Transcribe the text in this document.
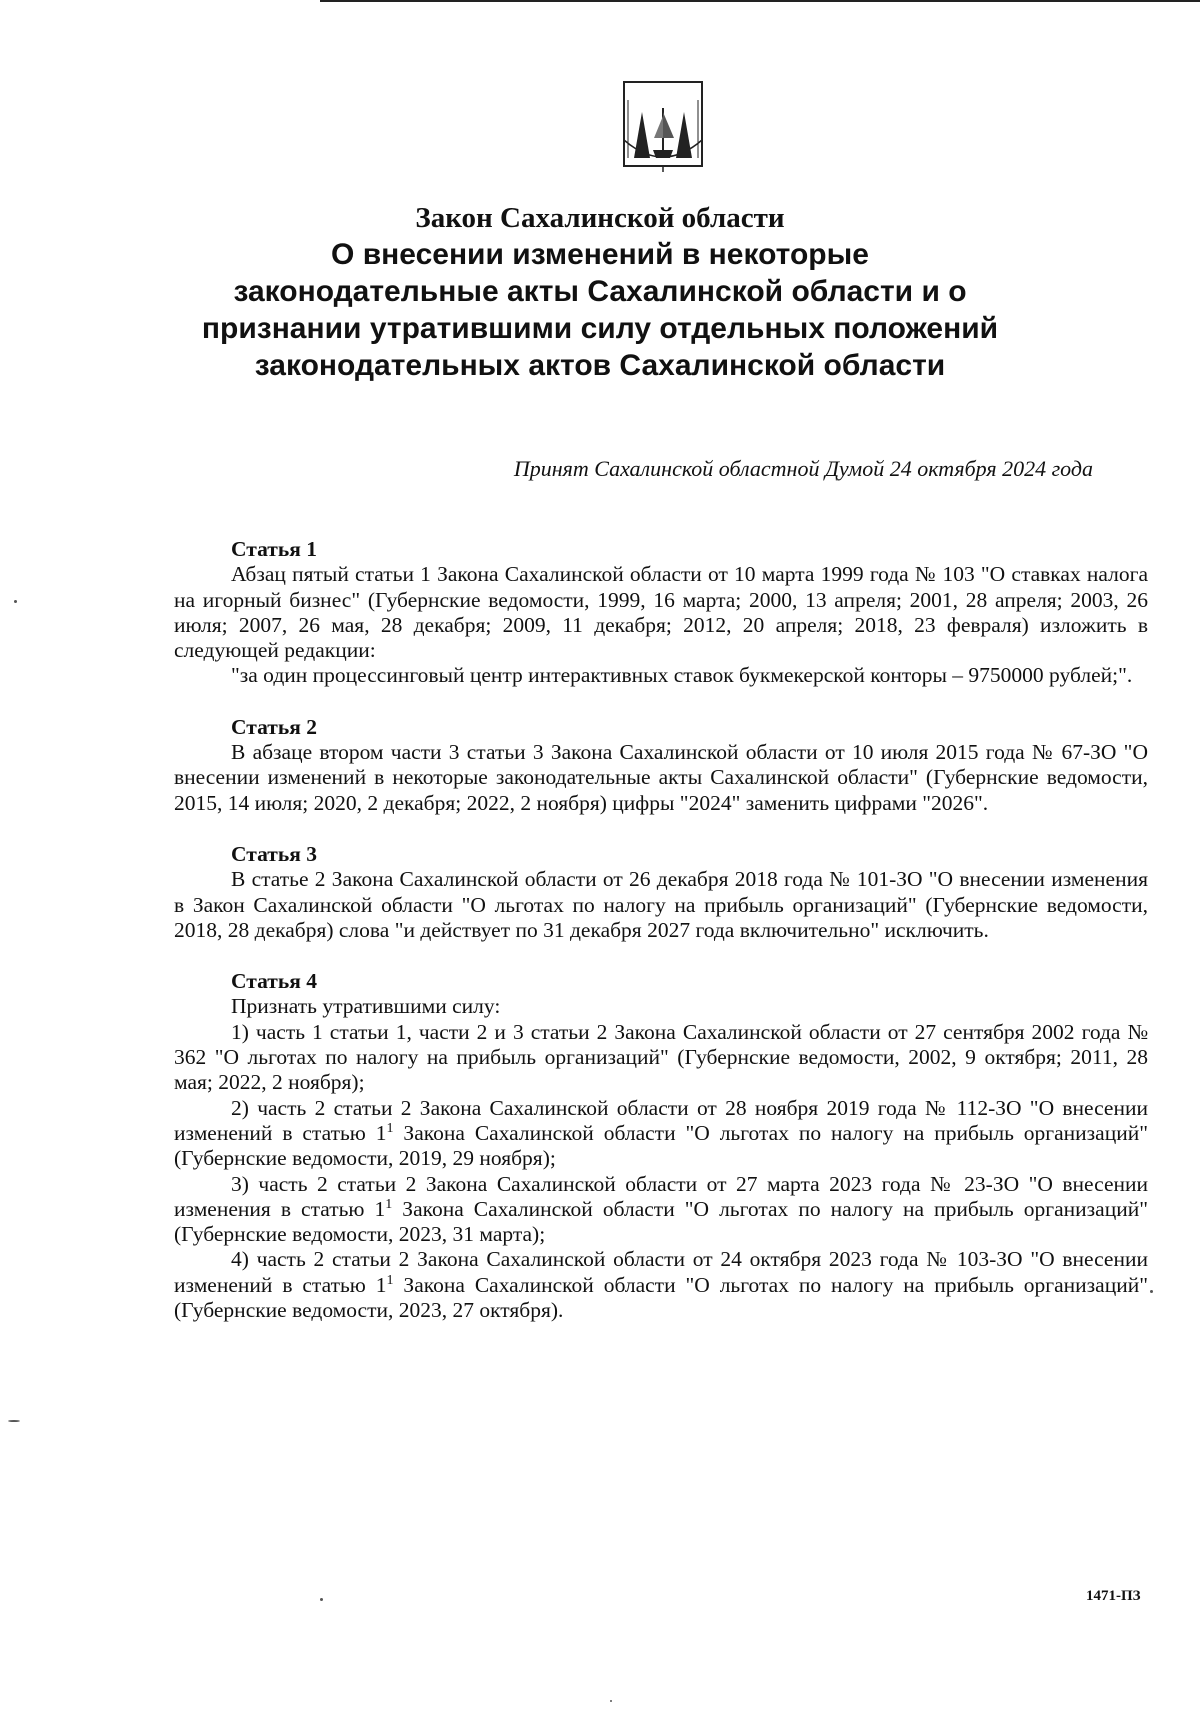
Закон Сахалинской области
О внесении изменений в некоторые законодательные акты Сахалинской области и о признании утратившими силу отдельных положений законодательных актов Сахалинской области
Принят Сахалинской областной Думой 24 октября 2024 года
Статья 1

Абзац пятый статьи 1 Закона Сахалинской области от 10 марта 1999 года № 103 "О ставках налога на игорный бизнес" (Губернские ведомости, 1999, 16 марта; 2000, 13 апреля; 2001, 28 апреля; 2003, 26 июля; 2007, 26 мая, 28 декабря; 2009, 11 декабря; 2012, 20 апреля; 2018, 23 февраля) изложить в следующей редакции:

"за один процессинговый центр интерактивных ставок букмекерской конторы – 9750000 рублей;".

Статья 2

В абзаце втором части 3 статьи 3 Закона Сахалинской области от 10 июля 2015 года № 67-ЗО "О внесении изменений в некоторые законодательные акты Сахалинской области" (Губернские ведомости, 2015, 14 июля; 2020, 2 декабря; 2022, 2 ноября) цифры "2024" заменить цифрами "2026".

Статья 3

В статье 2 Закона Сахалинской области от 26 декабря 2018 года № 101-ЗО "О внесении изменения в Закон Сахалинской области "О льготах по налогу на прибыль организаций" (Губернские ведомости, 2018, 28 декабря) слова "и действует по 31 декабря 2027 года включительно" исключить.

Статья 4

Признать утратившими силу:

1) часть 1 статьи 1, части 2 и 3 статьи 2 Закона Сахалинской области от 27 сентября 2002 года № 362 "О льготах по налогу на прибыль организаций" (Губернские ведомости, 2002, 9 октября; 2011, 28 мая; 2022, 2 ноября);

2) часть 2 статьи 2 Закона Сахалинской области от 28 ноября 2019 года № 112-ЗО "О внесении изменений в статью $1^1$ Закона Сахалинской области "О льготах по налогу на прибыль организаций" (Губернские ведомости, 2019, 29 ноября);

3) часть 2 статьи 2 Закона Сахалинской области от 27 марта 2023 года № 23-ЗО "О внесении изменения в статью $1^1$ Закона Сахалинской области "О льготах по налогу на прибыль организаций" (Губернские ведомости, 2023, 31 марта);

4) часть 2 статьи 2 Закона Сахалинской области от 24 октября 2023 года № 103-ЗО "О внесении изменений в статью $1^1$ Закона Сахалинской области "О льготах по налогу на прибыль организаций" (Губернские ведомости, 2023, 27 октября).

1471-ПЗ
